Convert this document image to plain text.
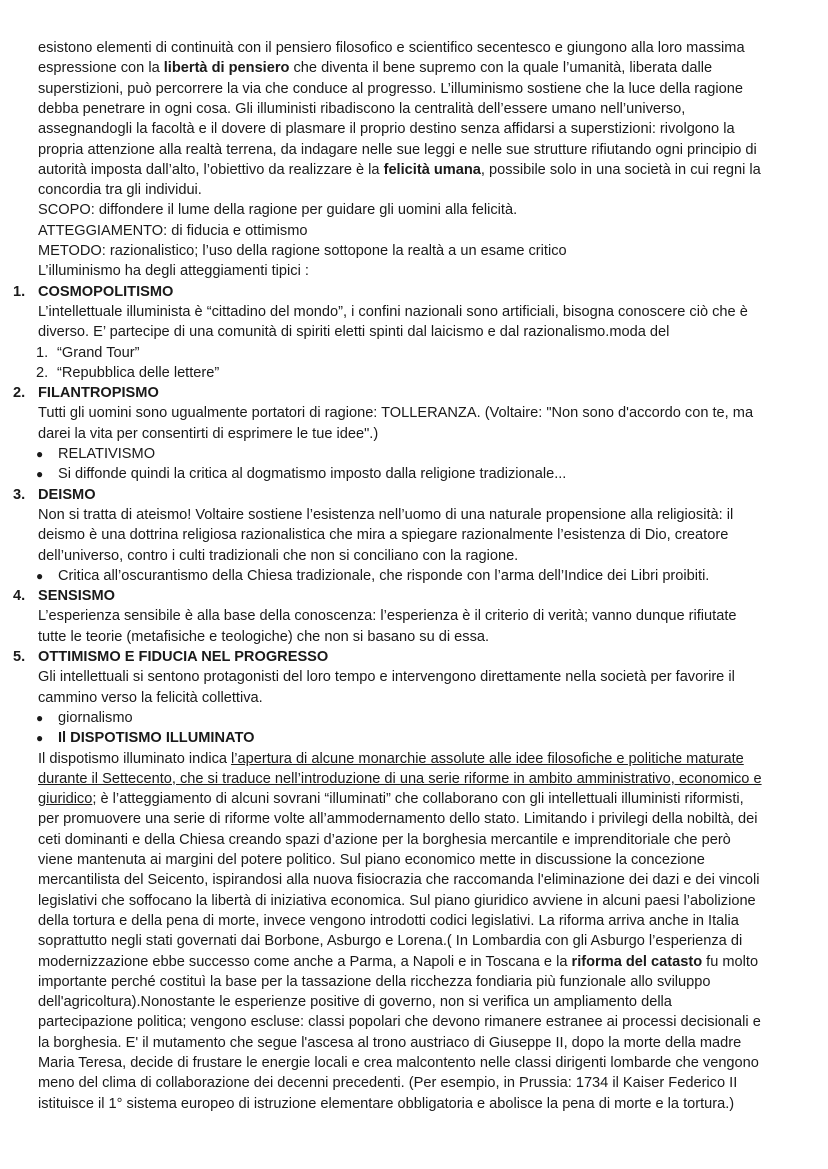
esistono elementi di continuità con il pensiero filosofico e scientifico secentesco e giungono alla loro massima
espressione con la libertà di pensiero che diventa il bene supremo con la quale l’umanità, liberata dalle
superstizioni, può percorrere la via che conduce al progresso. L’illuminismo sostiene che la luce della ragione
debba penetrare in ogni cosa. Gli illuministi ribadiscono la centralità dell’essere umano nell’universo,
assegnandogli la facoltà e il dovere di plasmare il proprio destino senza affidarsi a superstizioni: rivolgono la
propria attenzione alla realtà terrena, da indagare nelle sue leggi e nelle sue strutture rifiutando ogni principio di
autorità imposta dall’alto, l’obiettivo da realizzare è la felicità umana, possibile solo in una società in cui regni la
concordia tra gli individui.
SCOPO: diffondere il lume della ragione per guidare gli uomini alla felicità.
ATTEGGIAMENTO: di fiducia e ottimismo
METODO: razionalistico; l’uso della ragione sottopone la realtà a un esame critico
L’illuminismo ha degli atteggiamenti tipici :
1. COSMOPOLITISMO
L’intellettuale illuminista è “cittadino del mondo”, i confini nazionali sono artificiali, bisogna conoscere ciò che è
diverso. E’ partecipe di una comunità di spiriti eletti spinti dal laicismo e dal razionalismo.moda del
1. “Grand Tour”
2. “Repubblica delle lettere”
2. FILANTROPISMO
Tutti gli uomini sono ugualmente portatori di ragione: TOLLERANZA. (Voltaire: "Non sono d'accordo con te, ma
darei la vita per consentirti di esprimere le tue idee".)
● RELATIVISMO
● Si diffonde quindi la critica al dogmatismo imposto dalla religione tradizionale...
3. DEISMO
Non si tratta di ateismo! Voltaire sostiene l’esistenza nell’uomo di una naturale propensione alla religiosità: il
deismo è una dottrina religiosa razionalistica che mira a spiegare razionalmente l’esistenza di Dio, creatore
dell’universo, contro i culti tradizionali che non si conciliano con la ragione.
● Critica all’oscurantismo della Chiesa tradizionale, che risponde con l’arma dell’Indice dei Libri proibiti.
4. SENSISMO
L’esperienza sensibile è alla base della conoscenza: l’esperienza è il criterio di verità; vanno dunque rifiutate
tutte le teorie (metafisiche e teologiche) che non si basano su di essa.
5. OTTIMISMO E FIDUCIA NEL PROGRESSO
Gli intellettuali si sentono protagonisti del loro tempo e intervengono direttamente nella società per favorire il
cammino verso la felicità collettiva.
● giornalismo
● Il DISPOTISMO ILLUMINATO
Il dispotismo illuminato indica l’apertura di alcune monarchie assolute alle idee filosofiche e politiche maturate
durante il Settecento, che si traduce nell’introduzione di una serie riforme in ambito amministrativo, economico e
giuridico; è l’atteggiamento di alcuni sovrani “illuminati” che collaborano con gli intellettuali illuministi riformisti,
per promuovere una serie di riforme volte all’ammodernamento dello stato. Limitando i privilegi della nobiltà, dei
ceti dominanti e della Chiesa creando spazi d’azione per la borghesia mercantile e imprenditoriale che però
viene mantenuta ai margini del potere politico. Sul piano economico mette in discussione la concezione
mercantilista del Seicento, ispirandosi alla nuova fisiocrazia che raccomanda l'eliminazione dei dazi e dei vincoli
legislativi che soffocano la libertà di iniziativa economica. Sul piano giuridico avviene in alcuni paesi l’abolizione
della tortura e della pena di morte, invece vengono introdotti codici legislativi. La riforma arriva anche in Italia
soprattutto negli stati governati dai Borbone, Asburgo e Lorena.( In Lombardia con gli Asburgo l’esperienza di
modernizzazione ebbe successo come anche a Parma, a Napoli e in Toscana e la riforma del catasto fu molto
importante perché costituì la base per la tassazione della ricchezza fondiaria più funzionale allo sviluppo
dell'agricoltura).Nonostante le esperienze positive di governo, non si verifica un ampliamento della
partecipazione politica; vengono escluse: classi popolari che devono rimanere estranee ai processi decisionali e
la borghesia. E' il mutamento che segue l'ascesa al trono austriaco di Giuseppe II, dopo la morte della madre
Maria Teresa, decide di frustare le energie locali e crea malcontento nelle classi dirigenti lombarde che vengono
meno del clima di collaborazione dei decenni precedenti. (Per esempio, in Prussia: 1734 il Kaiser Federico II
istituisce il 1° sistema europeo di istruzione elementare obbligatoria e abolisce la pena di morte e la tortura.)
